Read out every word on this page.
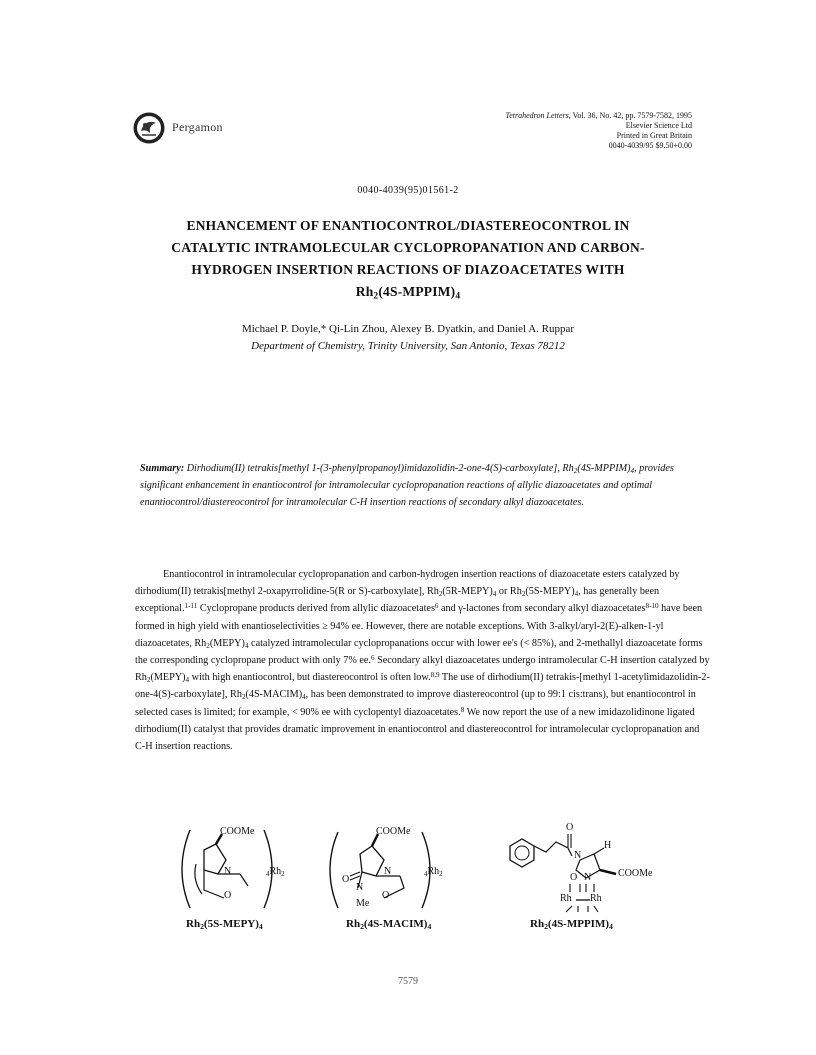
Pergamon
Tetrahedron Letters, Vol. 36, No. 42, pp. 7579-7582, 1995
Elsevier Science Ltd
Printed in Great Britain
0040-4039/95 $9.50+0.00
0040-4039(95)01561-2
ENHANCEMENT OF ENANTIOCONTROL/DIASTEREOCONTROL IN
CATALYTIC INTRAMOLECULAR CYCLOPROPANATION AND CARBON-
HYDROGEN INSERTION REACTIONS OF DIAZOACETATES WITH
$Rh_2(4S-MPPIM)_4$
Michael P. Doyle,* Qi-Lin Zhou, Alexey B. Dyatkin, and Daniel A. Ruppar
Department of Chemistry, Trinity University, San Antonio, Texas 78212
Summary: Dirhodium(II) tetrakis[methyl 1-(3-phenylpropanoyl)imidazolidin-2-one-4(S)-carboxylate], $Rh_2(4S-MPPIM)_4$, provides significant enhancement in enantiocontrol for intramolecular cyclopropanation reactions of allylic diazoacetates and optimal enantiocontrol/diastereocontrol for intramolecular C-H insertion reactions of secondary alkyl diazoacetates.

Enantiocontrol in intramolecular cyclopropanation and carbon-hydrogen insertion reactions of diazoacetate esters catalyzed by dirhodium(II) tetrakis[methyl 2-oxapyrrolidine-5(R or S)-carboxylate], $Rh_2(5R-MEPY)_4$ or $Rh_2(5S-MEPY)_4$, has generally been exceptional.$^{1-11}$ Cyclopropane products derived from allylic diazoacetates$^6$ and γ-lactones from secondary alkyl diazoacetates$^{8-10}$ have been formed in high yield with enantioselectivities ≥ 94% ee. However, there are notable exceptions. With 3-alkyl/aryl-2(E)-alken-1-yl diazoacetates, $Rh_2(MEPY)_4$ catalyzed intramolecular cyclopropanations occur with lower ee's (< 85%), and 2-methallyl diazoacetate forms the corresponding cyclopropane product with only 7% ee.$^6$ Secondary alkyl diazoacetates undergo intramolecular C-H insertion catalyzed by $Rh_2(MEPY)_4$ with high enantiocontrol, but diastereocontrol is often low.$^{8,9}$ The use of dirhodium(II) tetrakis-[methyl 1-acetylimidazolidin-2-one-4(S)-carboxylate], $Rh_2(4S-MACIM)_4$, has been demonstrated to improve diastereocontrol (up to 99:1 cis:trans), but enantiocontrol in selected cases is limited; for example, < 90% ee with cyclopentyl diazoacetates.$^8$ We now report the use of a new imidazolidinone ligated dirhodium(II) catalyst that provides dramatic improvement in enantiocontrol and diastereocontrol for intramolecular cyclopropanation and C-H insertion reactions.

COOMe
N
O
$_4Rh_2$
$Rh_2(5S-MEPY)_4$
COOMe
N
N
O
O
Me
$_4Rh_2$
$Rh_2(4S-MACIM)_4$
O
H
N
N
O	COOMe
Rh Rh
$Rh_2(4S-MPPIM)_4$
7579
